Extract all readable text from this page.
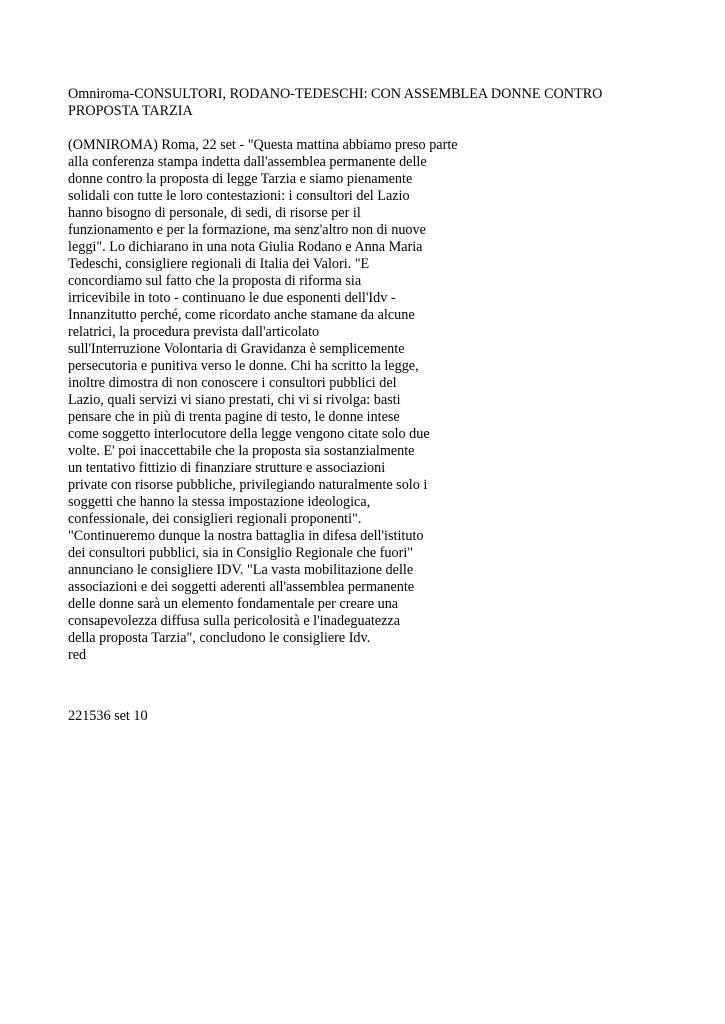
Omniroma-CONSULTORI, RODANO-TEDESCHI: CON ASSEMBLEA DONNE CONTRO
PROPOSTA TARZIA
(OMNIROMA) Roma, 22 set - "Questa mattina abbiamo preso parte
alla conferenza stampa indetta dall'assemblea permanente delle
donne contro la proposta di legge Tarzia e siamo pienamente
solidali con tutte le loro contestazioni: i consultori del Lazio
hanno bisogno di personale, di sedi, di risorse per il
funzionamento e per la formazione, ma senz'altro non di nuove
leggi". Lo dichiarano in una nota Giulia Rodano e Anna Maria
Tedeschi, consigliere regionali di Italia dei Valori. "E
concordiamo sul fatto che la proposta di riforma sia
irricevibile in toto - continuano le due esponenti dell'Idv -
Innanzitutto perché, come ricordato anche stamane da alcune
relatrici, la procedura prevista dall'articolato
sull'Interruzione Volontaria di Gravidanza è semplicemente
persecutoria e punitiva verso le donne. Chi ha scritto la legge,
inoltre dimostra di non conoscere i consultori pubblici del
Lazio, quali servizi vi siano prestati, chi vi si rivolga: basti
pensare che in più di trenta pagine di testo, le donne intese
come soggetto interlocutore della legge vengono citate solo due
volte. E' poi inaccettabile che la proposta sia sostanzialmente
un tentativo fittizio di finanziare strutture e associazioni
private con risorse pubbliche, privilegiando naturalmente solo i
soggetti che hanno la stessa impostazione ideologica,
confessionale, dei consiglieri regionali proponenti".
"Continueremo dunque la nostra battaglia in difesa dell'istituto
dei consultori pubblici, sia in Consiglio Regionale che fuori"
annunciano le consigliere IDV. "La vasta mobilitazione delle
associazioni e dei soggetti aderenti all'assemblea permanente
delle donne sarà un elemento fondamentale per creare una
consapevolezza diffusa sulla pericolosità e l'inadeguatezza
della proposta Tarzia", concludono le consigliere Idv.
red

221536 set 10
